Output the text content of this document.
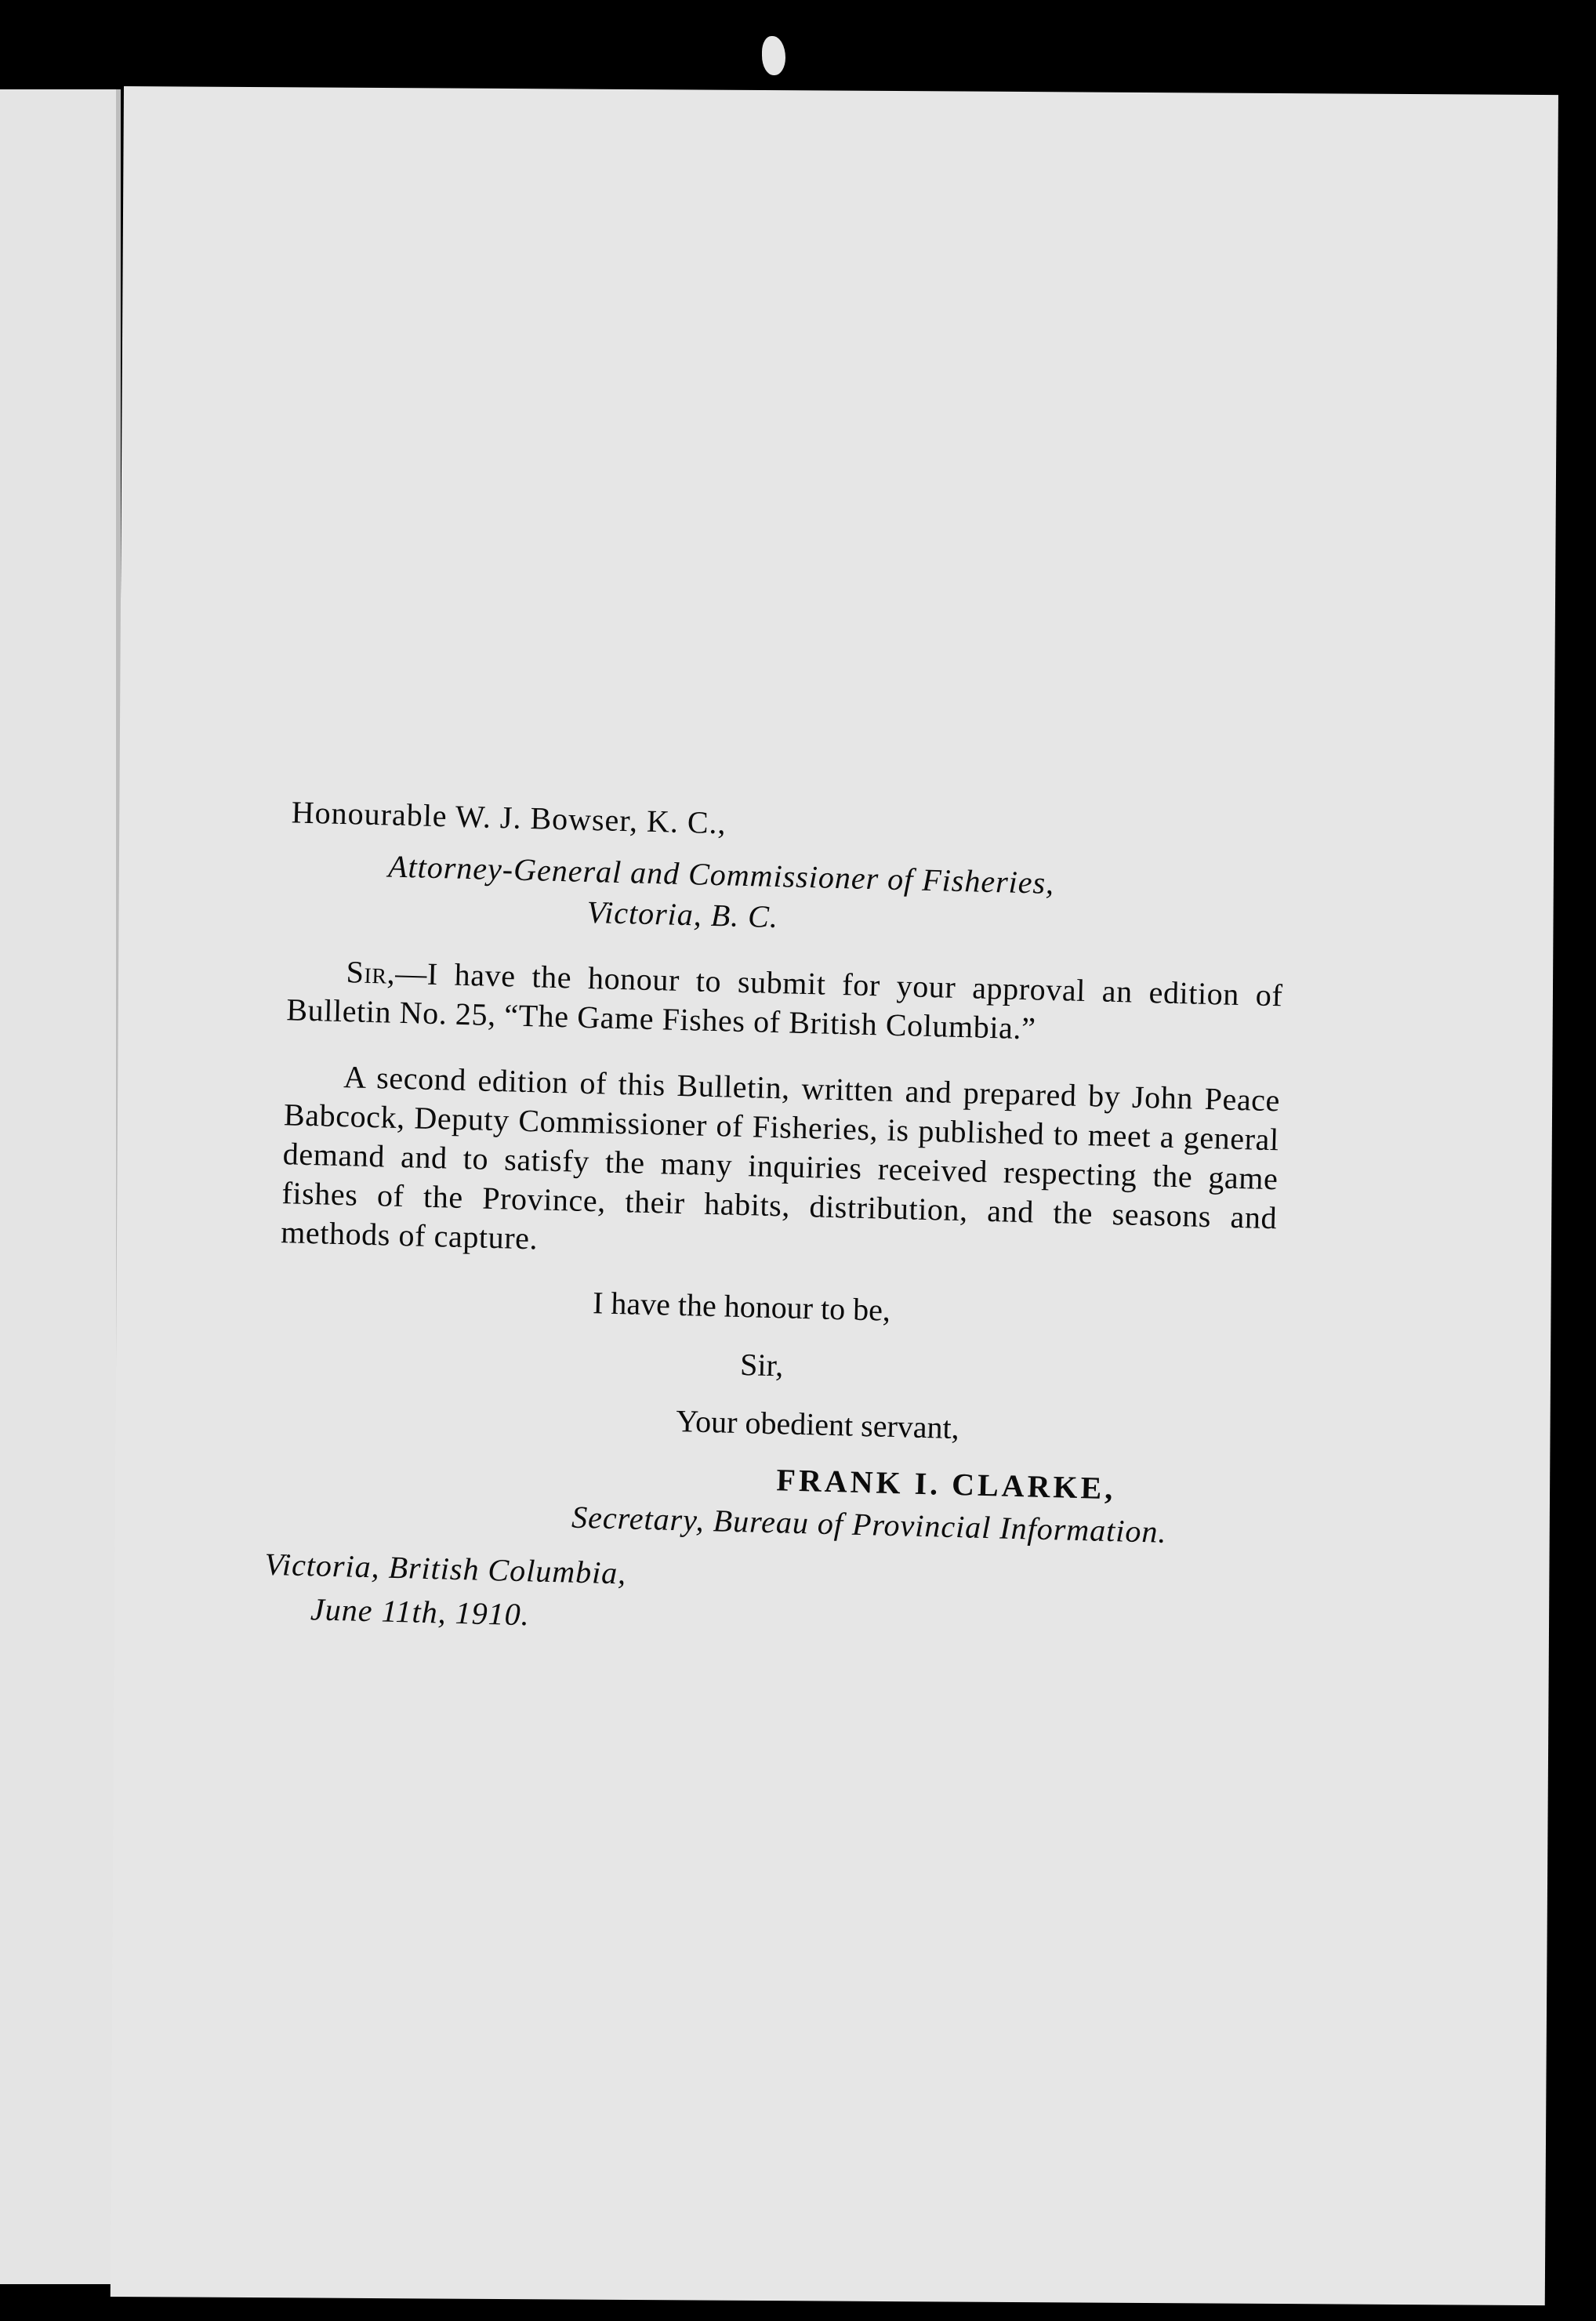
Honourable W. J. Bowser, K. C.,
Attorney-General and Commissioner of Fisheries,
Victoria, B. C.

Sir,—I have the honour to submit for your approval an edition of Bulletin No. 25, “The Game Fishes of British Columbia.”

A second edition of this Bulletin, written and prepared by John Peace Babcock, Deputy Commissioner of Fisheries, is published to meet a general demand and to satisfy the many inquiries received respecting the game fishes of the Province, their habits, distribution, and the seasons and methods of capture.

I have the honour to be,
Sir,
Your obedient servant,
FRANK I. CLARKE,
Secretary, Bureau of Provincial Information.
Victoria, British Columbia,
June 11th, 1910.
